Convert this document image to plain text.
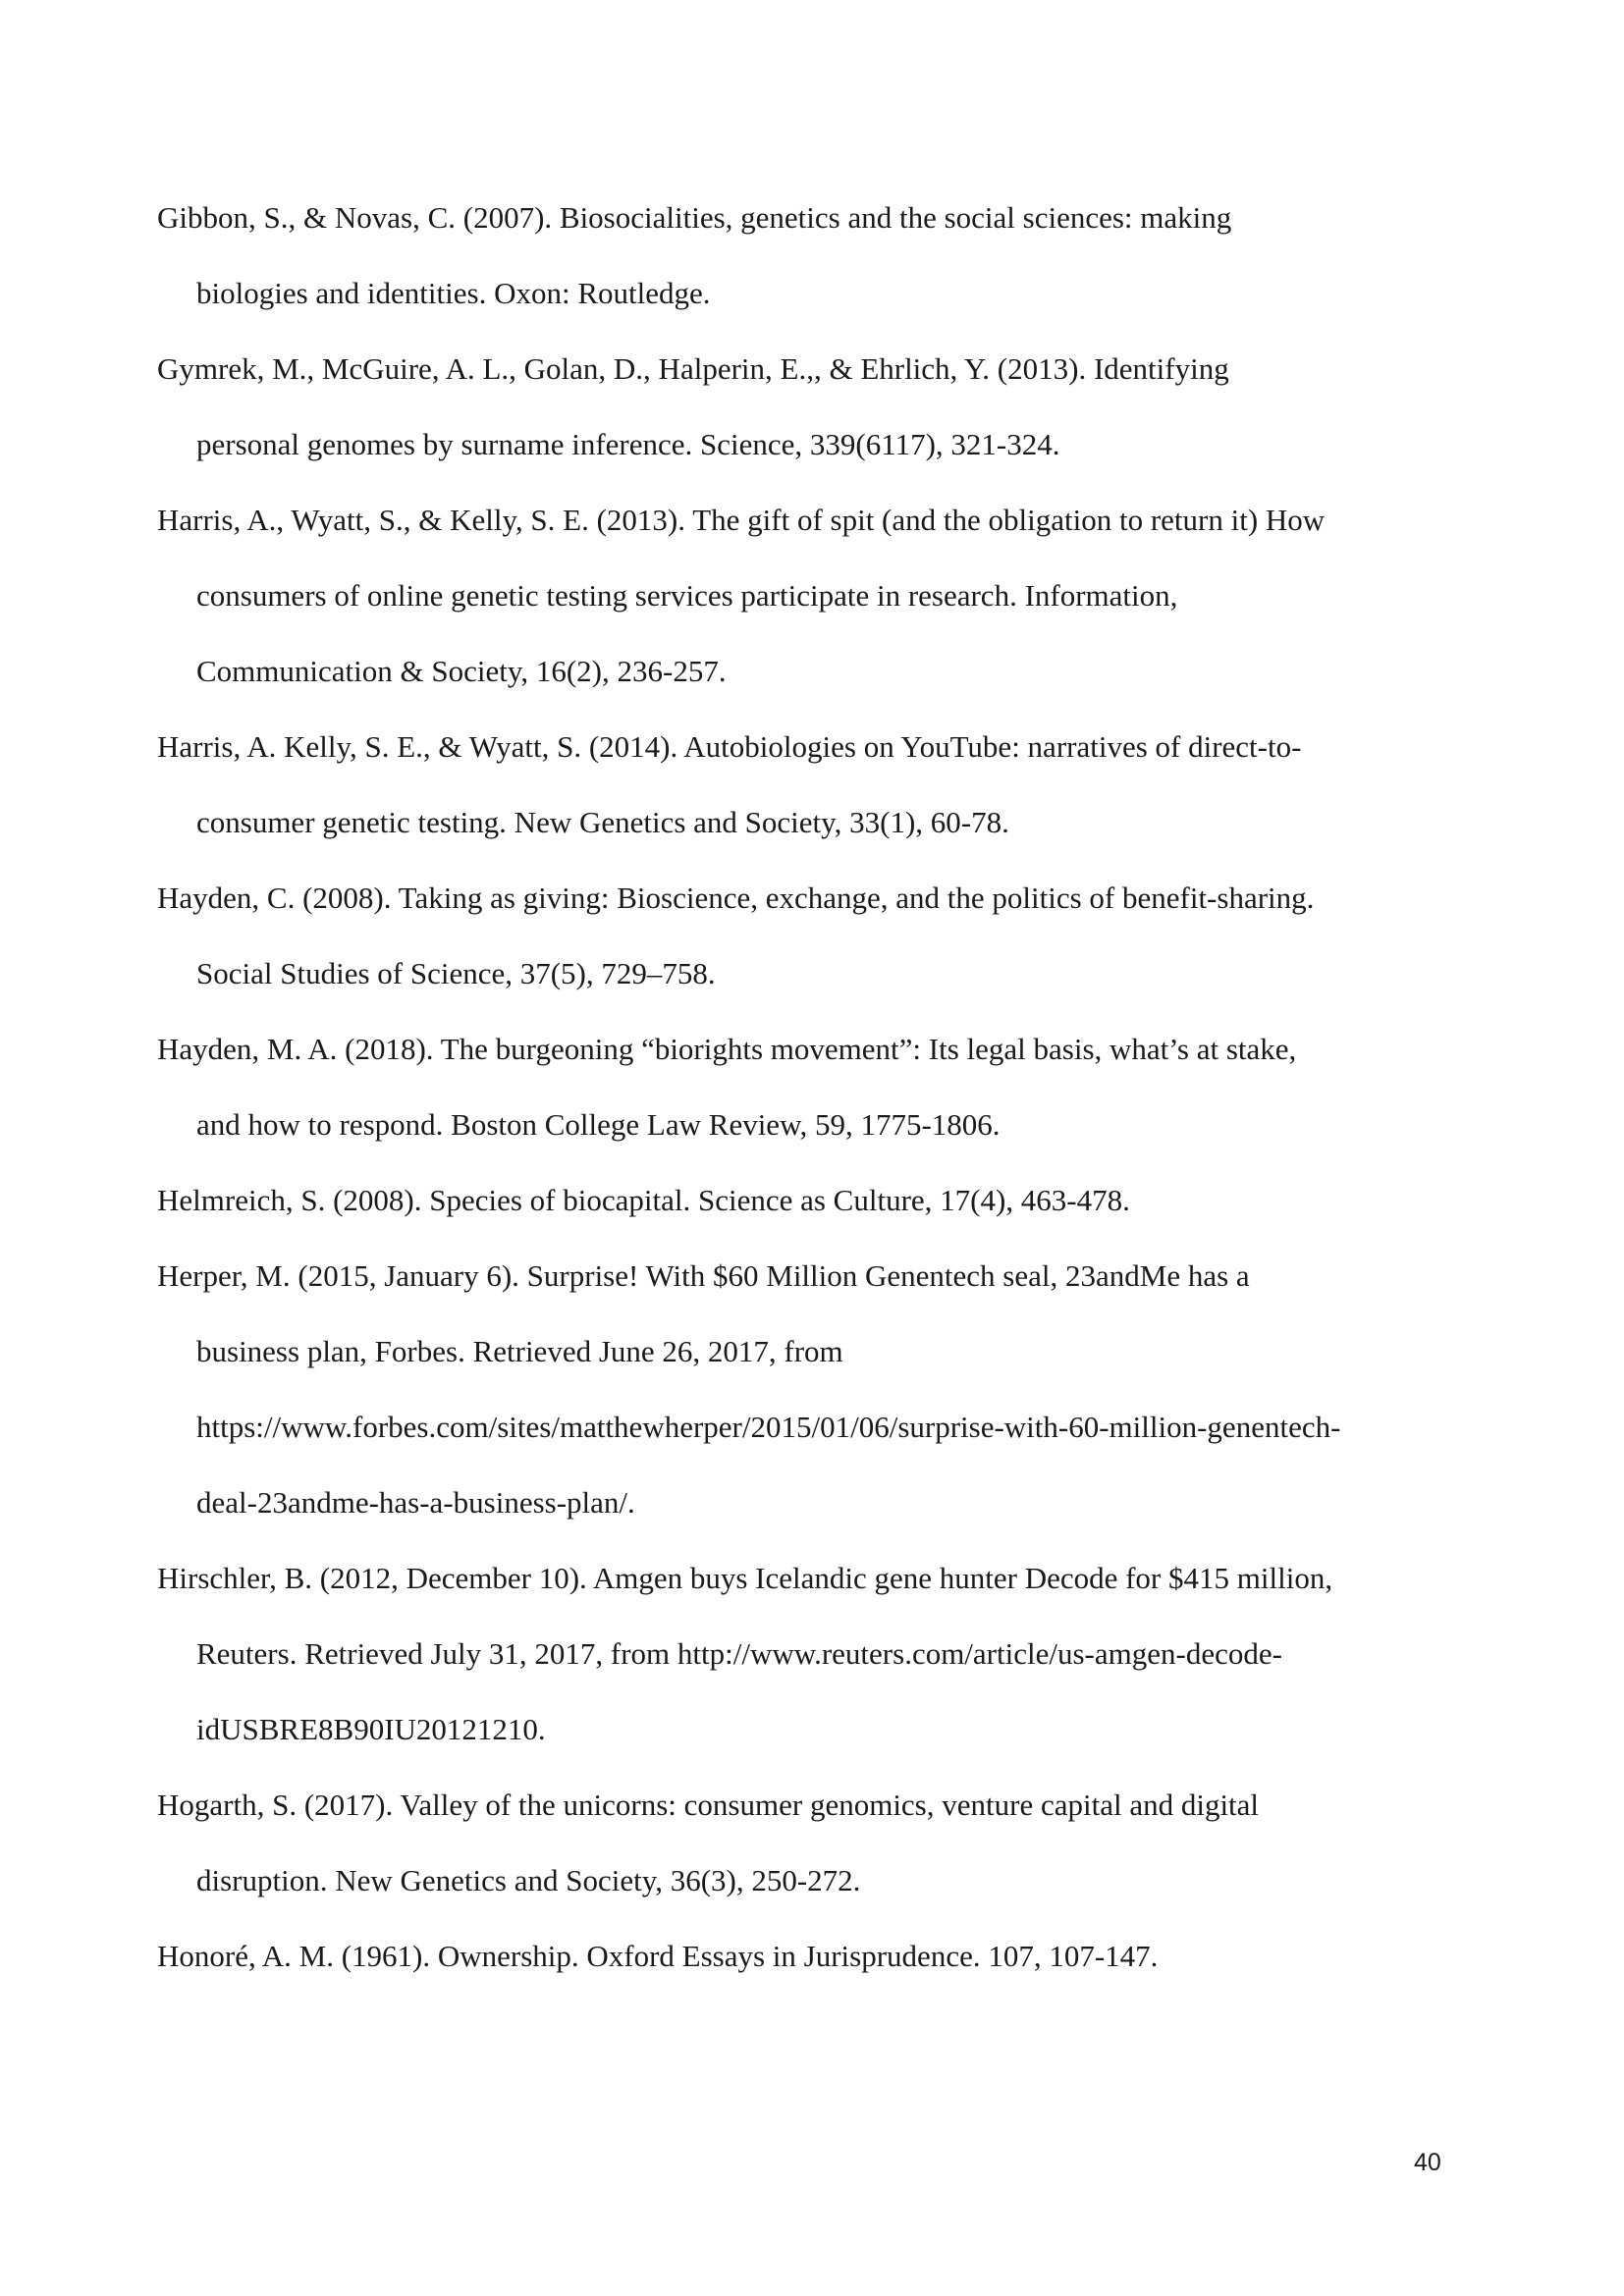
Gibbon, S., & Novas, C. (2007). Biosocialities, genetics and the social sciences: making
biologies and identities. Oxon: Routledge.
Gymrek, M., McGuire, A. L., Golan, D., Halperin, E.,, & Ehrlich, Y. (2013). Identifying
personal genomes by surname inference. Science, 339(6117), 321-324.
Harris, A., Wyatt, S., & Kelly, S. E. (2013). The gift of spit (and the obligation to return it) How
consumers of online genetic testing services participate in research. Information,
Communication & Society, 16(2), 236-257.
Harris, A. Kelly, S. E., & Wyatt, S. (2014). Autobiologies on YouTube: narratives of direct-to-
consumer genetic testing. New Genetics and Society, 33(1), 60-78.
Hayden, C. (2008). Taking as giving: Bioscience, exchange, and the politics of benefit-sharing.
Social Studies of Science, 37(5), 729–758.
Hayden, M. A. (2018). The burgeoning “biorights movement”: Its legal basis, what’s at stake,
and how to respond. Boston College Law Review, 59, 1775-1806.
Helmreich, S. (2008). Species of biocapital. Science as Culture, 17(4), 463-478.
Herper, M. (2015, January 6). Surprise! With $60 Million Genentech seal, 23andMe has a
business plan, Forbes. Retrieved June 26, 2017, from
https://www.forbes.com/sites/matthewherper/2015/01/06/surprise-with-60-million-genentech-
deal-23andme-has-a-business-plan/.
Hirschler, B. (2012, December 10). Amgen buys Icelandic gene hunter Decode for $415 million,
Reuters. Retrieved July 31, 2017, from http://www.reuters.com/article/us-amgen-decode-
idUSBRE8B90IU20121210.
Hogarth, S. (2017). Valley of the unicorns: consumer genomics, venture capital and digital
disruption. New Genetics and Society, 36(3), 250-272.
Honoré, A. M. (1961). Ownership. Oxford Essays in Jurisprudence. 107, 107-147.
40
